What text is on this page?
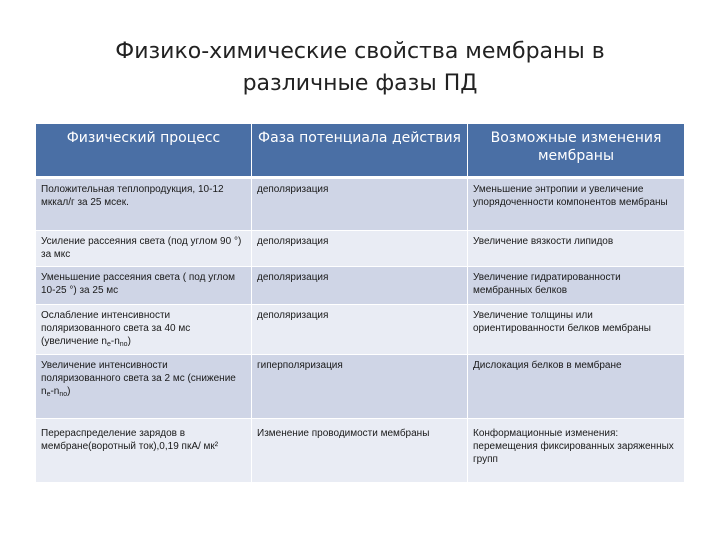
Физико-химические свойства мембраны в
различные фазы ПД
Физический процесс	Фаза потенциала действия	Возможные изменения мембраны
Положительная теплопродукция, 10-12 мккал/г за 25 мсек.	деполяризация	Уменьшение энтропии и увеличение упорядоченности компонентов мембраны
Усиление рассеяния света (под углом 90 °) за мкс	деполяризация	Увеличение вязкости липидов
Уменьшение рассеяния света ( под углом 10-25 °) за 25 мс	деполяризация	Увеличение гидратированности мембранных белков
Ослабление интенсивности поляризованного света за 40 мс (увеличение $n_e-n_{no}$)	деполяризация	Увеличение толщины или ориентированности белков мембраны
Увеличение интенсивности поляризованного света за 2 мс (снижение $n_e-n_{no}$)	гиперполяризация	Дислокация белков в мембране
Перераспределение зарядов в мембране(воротный ток),0,19 пкА/ мк²	Изменение проводимости мембраны	Конформационные изменения: перемещения фиксированных заряженных групп
